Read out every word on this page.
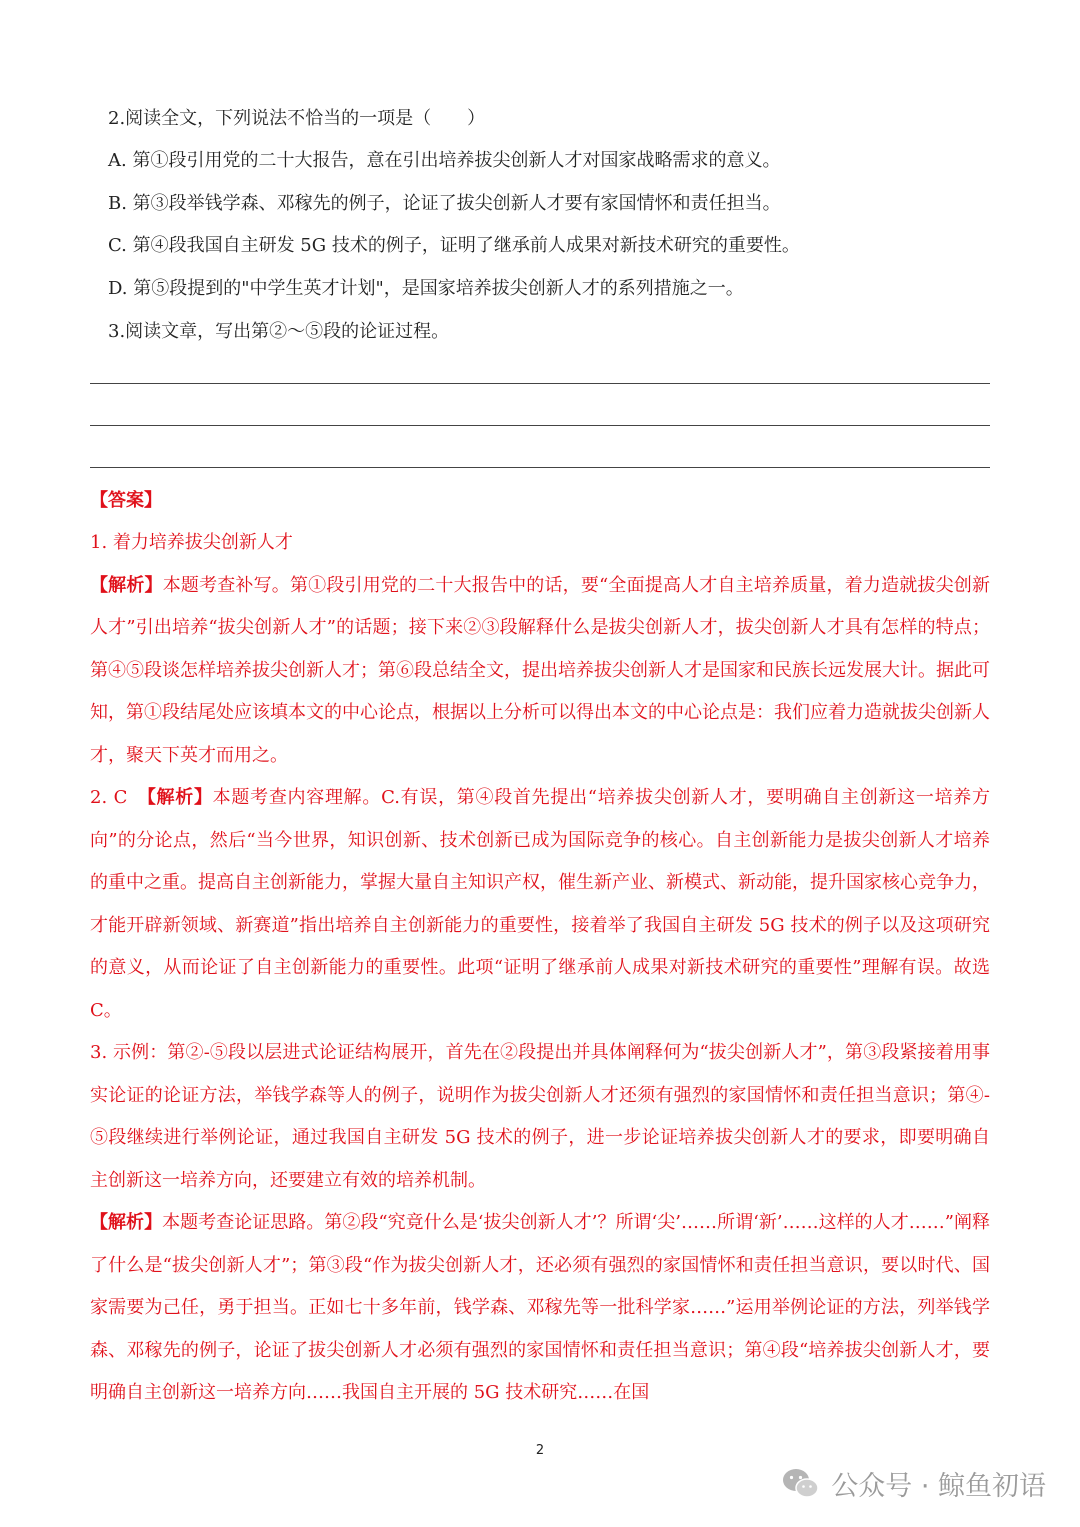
2.阅读全文，下列说法不恰当的一项是（　　）
A. 第①段引用党的二十大报告，意在引出培养拔尖创新人才对国家战略需求的意义。
B. 第③段举钱学森、邓稼先的例子，论证了拔尖创新人才要有家国情怀和责任担当。
C. 第④段我国自主研发 5G 技术的例子，证明了继承前人成果对新技术研究的重要性。
D. 第⑤段提到的"中学生英才计划"，是国家培养拔尖创新人才的系列措施之一。
3.阅读文章，写出第②～⑤段的论证过程。
【答案】

1. 着力培养拔尖创新人才

【解析】本题考查补写。第①段引用党的二十大报告中的话，要“全面提高人才自主培养质量，着力造就拔尖创新人才”引出培养“拔尖创新人才”的话题；接下来②③段解释什么是拔尖创新人才，拔尖创新人才具有怎样的特点；第④⑤段谈怎样培养拔尖创新人才；第⑥段总结全文，提出培养拔尖创新人才是国家和民族长远发展大计。据此可知，第①段结尾处应该填本文的中心论点，根据以上分析可以得出本文的中心论点是：我们应着力造就拔尖创新人才，聚天下英才而用之。

2. C　【解析】本题考查内容理解。C.有误，第④段首先提出“培养拔尖创新人才，要明确自主创新这一培养方向”的分论点，然后“当今世界，知识创新、技术创新已成为国际竞争的核心。自主创新能力是拔尖创新人才培养的重中之重。提高自主创新能力，掌握大量自主知识产权，催生新产业、新模式、新动能，提升国家核心竞争力，才能开辟新领域、新赛道”指出培养自主创新能力的重要性，接着举了我国自主研发 5G 技术的例子以及这项研究的意义，从而论证了自主创新能力的重要性。此项“证明了继承前人成果对新技术研究的重要性”理解有误。故选 C。

3. 示例：第②-⑤段以层进式论证结构展开，首先在②段提出并具体阐释何为“拔尖创新人才”，第③段紧接着用事实论证的论证方法，举钱学森等人的例子，说明作为拔尖创新人才还须有强烈的家国情怀和责任担当意识；第④-⑤段继续进行举例论证，通过我国自主研发 5G 技术的例子，进一步论证培养拔尖创新人才的要求，即要明确自主创新这一培养方向，还要建立有效的培养机制。

【解析】本题考查论证思路。第②段“究竟什么是‘拔尖创新人才’？所谓‘尖’……所谓‘新’……这样的人才……”阐释了什么是“拔尖创新人才”；第③段“作为拔尖创新人才，还必须有强烈的家国情怀和责任担当意识，要以时代、国家需要为己任，勇于担当。正如七十多年前，钱学森、邓稼先等一批科学家……”运用举例论证的方法，列举钱学森、邓稼先的例子，论证了拔尖创新人才必须有强烈的家国情怀和责任担当意识；第④段“培养拔尖创新人才，要明确自主创新这一培养方向……我国自主开展的 5G 技术研究……在国

2
公众号 · 鲸鱼初语
